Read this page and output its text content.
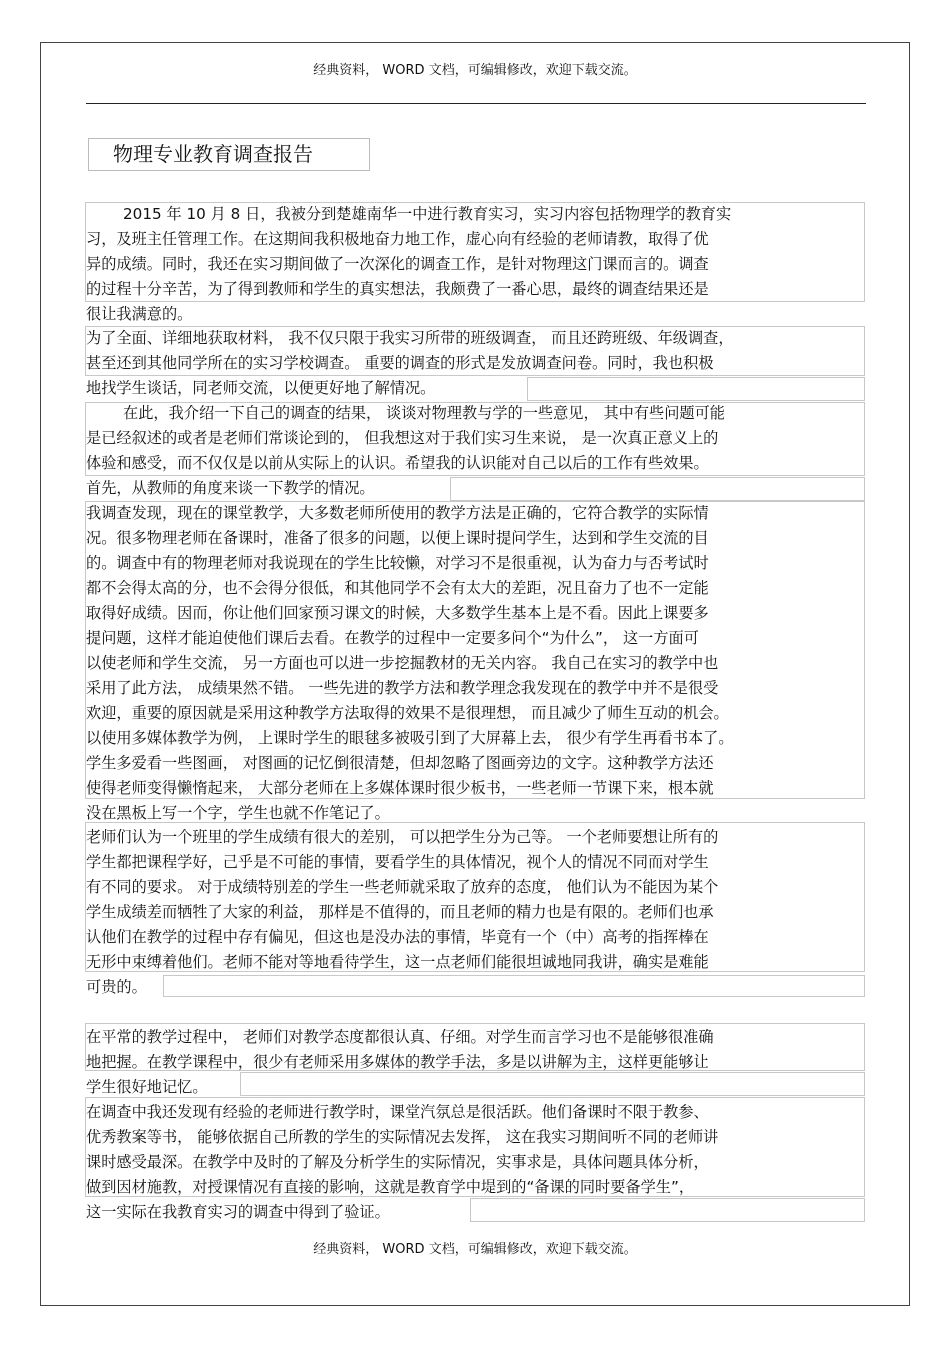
经典资料， WORD 文档，可编辑修改，欢迎下载交流。
物理专业教育调查报告
2015 年 10 月 8 日，我被分到楚雄南华一中进行教育实习，实习内容包括物理学的教育实
习，及班主任管理工作。在这期间我积极地奋力地工作，虚心向有经验的老师请教，取得了优
异的成绩。同时，我还在实习期间做了一次深化的调查工作，是针对物理这门课而言的。调查
的过程十分辛苦，为了得到教师和学生的真实想法，我颇费了一番心思，最终的调查结果还是
很让我满意的。
为了全面、详细地获取材料， 我不仅只限于我实习所带的班级调查， 而且还跨班级、年级调查，
甚至还到其他同学所在的实习学校调查。 重要的调查的形式是发放调查问卷。同时，我也积极
地找学生谈话，同老师交流，以便更好地了解情况。
在此，我介绍一下自己的调查的结果， 谈谈对物理教与学的一些意见， 其中有些问题可能
是已经叙述的或者是老师们常谈论到的， 但我想这对于我们实习生来说， 是一次真正意义上的
体验和感受，而不仅仅是以前从实际上的认识。希望我的认识能对自己以后的工作有些效果。
首先，从教师的角度来谈一下教学的情况。
我调查发现，现在的课堂教学，大多数老师所使用的教学方法是正确的，它符合教学的实际情
况。很多物理老师在备课时，准备了很多的问题，以便上课时提问学生，达到和学生交流的目
的。调查中有的物理老师对我说现在的学生比较懒，对学习不是很重视，认为奋力与否考试时
都不会得太高的分，也不会得分很低，和其他同学不会有太大的差距，况且奋力了也不一定能
取得好成绩。因而，你让他们回家预习课文的时候，大多数学生基本上是不看。因此上课要多
提问题，这样才能迫使他们课后去看。在教学的过程中一定要多问个“为什么”， 这一方面可
以使老师和学生交流， 另一方面也可以进一步挖掘教材的无关内容。 我自己在实习的教学中也
采用了此方法， 成绩果然不错。 一些先进的教学方法和教学理念我发现在的教学中并不是很受
欢迎，重要的原因就是采用这种教学方法取得的效果不是很理想， 而且减少了师生互动的机会。
以使用多媒体教学为例， 上课时学生的眼毬多被吸引到了大屏幕上去， 很少有学生再看书本了。
学生多爱看一些图画， 对图画的记忆倒很清楚，但却忽略了图画旁边的文字。这种教学方法还
使得老师变得懒惰起来， 大部分老师在上多媒体课时很少板书，一些老师一节课下来，根本就
没在黑板上写一个字，学生也就不作笔记了。
老师们认为一个班里的学生成绩有很大的差别， 可以把学生分为己等。 一个老师要想让所有的
学生都把课程学好，己乎是不可能的事情，要看学生的具体情况，视个人的情况不同而对学生
有不同的要求。 对于成绩特别差的学生一些老师就采取了放弃的态度， 他们认为不能因为某个
学生成绩差而牺牲了大家的利益， 那样是不值得的，而且老师的精力也是有限的。老师们也承
认他们在教学的过程中存有偏见，但这也是没办法的事情，毕竟有一个（中）高考的指挥棒在
无形中束缚着他们。老师不能对等地看待学生，这一点老师们能很坦诚地同我讲，确实是难能
可贵的。
在平常的教学过程中， 老师们对教学态度都很认真、仔细。对学生而言学习也不是能够很准确
地把握。在教学课程中，很少有老师采用多媒体的教学手法，多是以讲解为主，这样更能够让
学生很好地记忆。
在调查中我还发现有经验的老师进行教学时，课堂汽氛总是很活跃。他们备课时不限于教参、
优秀教案等书， 能够依据自己所教的学生的实际情况去发挥， 这在我实习期间听不同的老师讲
课时感受最深。在教学中及时的了解及分析学生的实际情况，实事求是，具体问题具体分析，
做到因材施教，对授课情况有直接的影响，这就是教育学中堤到的“备课的同时要备学生”，
这一实际在我教育实习的调查中得到了验证。
经典资料， WORD 文档，可编辑修改，欢迎下载交流。
